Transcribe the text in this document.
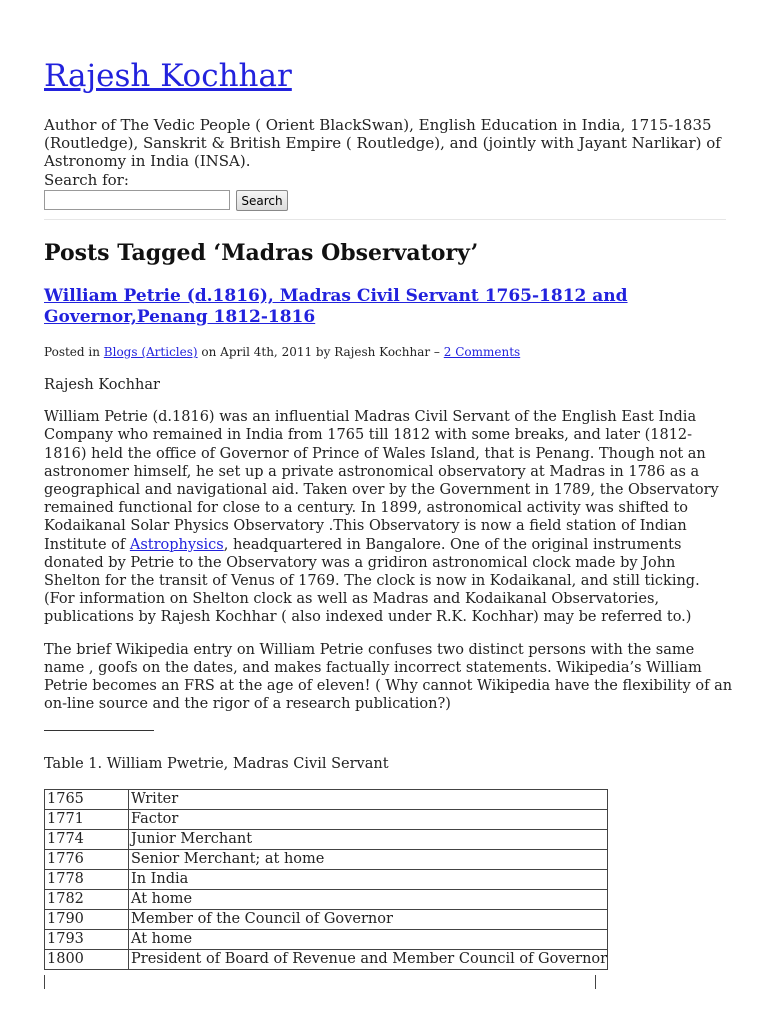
Rajesh Kochhar

Author of The Vedic People ( Orient BlackSwan), English Education in India, 1715-1835 (Routledge), Sanskrit & British Empire ( Routledge), and (jointly with Jayant Narlikar) of Astronomy in India (INSA).

Search for:
Search
Posts Tagged ‘Madras Observatory’
William Petrie (d.1816), Madras Civil Servant 1765-1812 and Governor,Penang 1812-1816
Posted in Blogs (Articles) on April 4th, 2011 by Rajesh Kochhar – 2 Comments

Rajesh Kochhar

William Petrie (d.1816) was an influential Madras Civil Servant of the English East India Company who remained in India from 1765 till 1812 with some breaks, and later (1812-1816) held the office of Governor of Prince of Wales Island, that is Penang. Though not an astronomer himself, he set up a private astronomical observatory at Madras in 1786 as a geographical and navigational aid. Taken over by the Government in 1789, the Observatory remained functional for close to a century. In 1899, astronomical activity was shifted to Kodaikanal Solar Physics Observatory .This Observatory is now a field station of Indian Institute of Astrophysics, headquartered in Bangalore. One of the original instruments donated by Petrie to the Observatory was a gridiron astronomical clock made by John Shelton for the transit of Venus of 1769. The clock is now in Kodaikanal, and still ticking. (For information on Shelton clock as well as Madras and Kodaikanal Observatories, publications by Rajesh Kochhar ( also indexed under R.K. Kochhar) may be referred to.)

The brief Wikipedia entry on William Petrie confuses two distinct persons with the same name , goofs on the dates, and makes factually incorrect statements. Wikipedia’s William Petrie becomes an FRS at the age of eleven! ( Why cannot Wikipedia have the flexibility of an on-line source and the rigor of a research publication?)

Table 1. William Pwetrie, Madras Civil Servant
1765	Writer
1771	Factor
1774	Junior Merchant
1776	Senior Merchant; at home
1778	In India
1782	At home
1790	Member of the Council of Governor
1793	At home
1800	President of Board of Revenue and Member Council of Governor
